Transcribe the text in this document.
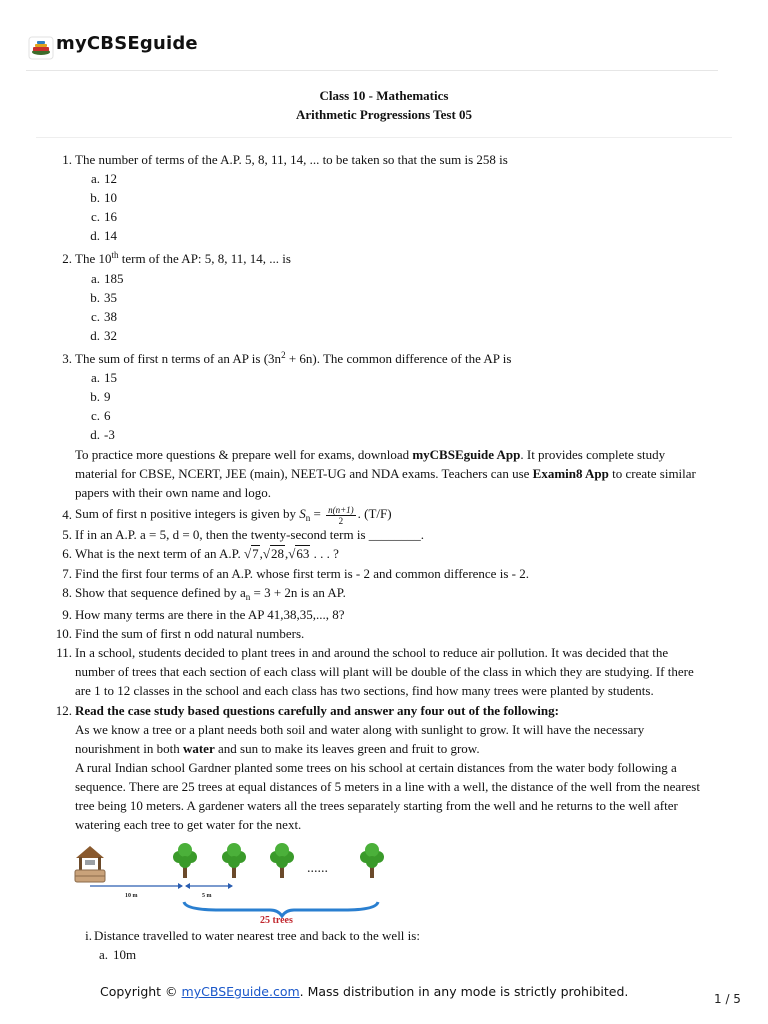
myCBSEguide
Class 10 - Mathematics
Arithmetic Progressions Test 05
1. The number of terms of the A.P. 5, 8, 11, 14, ... to be taken so that the sum is 258 is
a. 12
b. 10
c. 16
d. 14
2. The 10th term of the AP: 5, 8, 11, 14, ... is
a. 185
b. 35
c. 38
d. 32
3. The sum of first n terms of an AP is $(3n^2 + 6n)$. The common difference of the AP is
a. 15
b. 9
c. 6
d. -3
To practice more questions & prepare well for exams, download myCBSEguide App. It provides complete study
material for CBSE, NCERT, JEE (main), NEET-UG and NDA exams. Teachers can use Examin8 App to create similar
papers with their own name and logo.
4. Sum of first n positive integers is given by $S_n = \frac{n(n+1)}{2}$ . (T/F)
5. If in an A.P. a = 5, d = 0, then the twenty-second term is ________.
6. What is the next term of an A.P. √7,√28,√63 . . . ?
7. Find the first four terms of an A.P. whose first term is - 2 and common difference is - 2.
8. Show that sequence defined by $a_n = 3 + 2n$ is an AP.
9. How many terms are there in the AP 41,38,35,..., 8?
10. Find the sum of first n odd natural numbers.
11. In a school, students decided to plant trees in and around the school to reduce air pollution. It was decided that the
number of trees that each section of each class will plant will be double of the class in which they are studying. If there
are 1 to 12 classes in the school and each class has two sections, find how many trees were planted by students.
12. Read the case study based questions carefully and answer any four out of the following:
As we know a tree or a plant needs both soil and water along with sunlight to grow. It will have the necessary
nourishment in both water and sun to make its leaves green and fruit to grow.
A rural Indian school Gardner planted some trees on his school at certain distances from the water body following a
sequence. There are 25 trees at equal distances of 5 meters in a line with a well, the distance of the well from the nearest
tree being 10 meters. A gardener waters all the trees separately starting from the well and he returns to the well after
watering each tree to get water for the next.
......
10 m	5 m
25 trees
i. Distance travelled to water nearest tree and back to the well is:
a. 10m
Copyright © myCBSEguide.com. Mass distribution in any mode is strictly prohibited.	1 / 5
